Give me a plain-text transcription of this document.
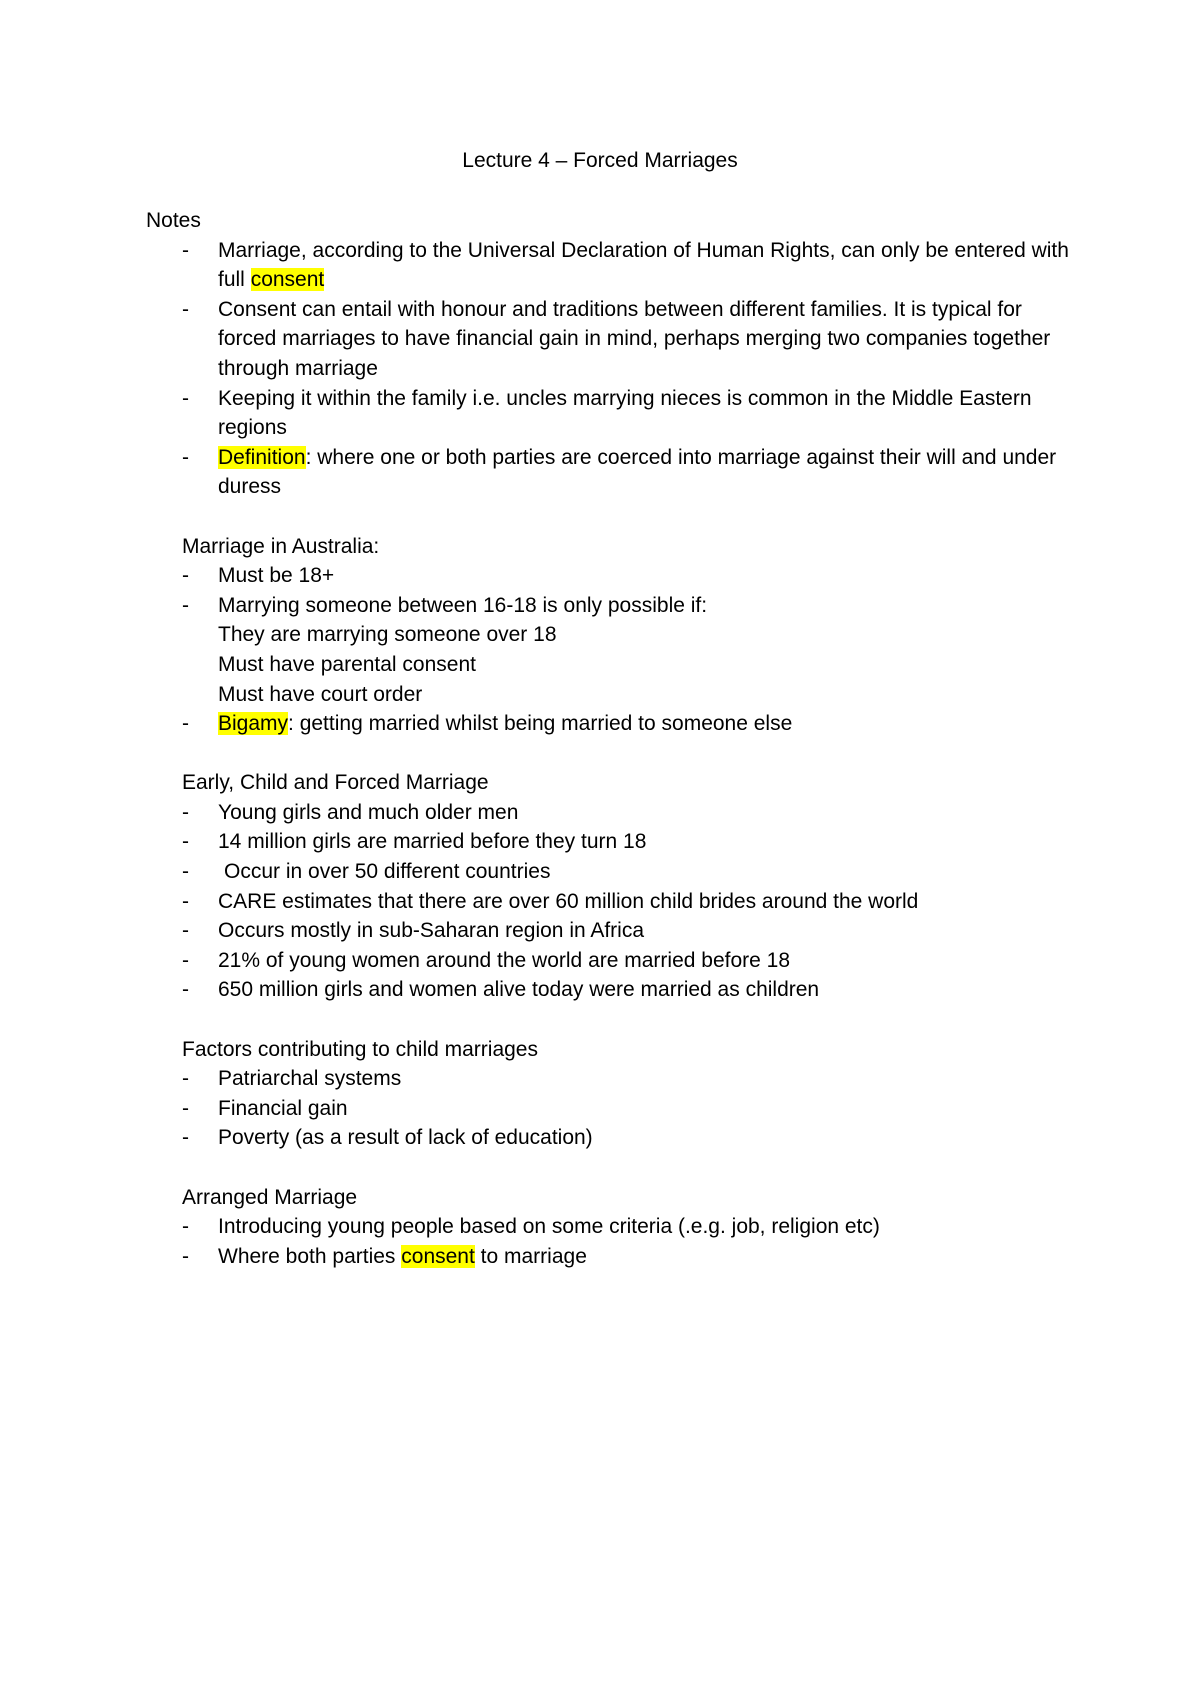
Lecture 4 – Forced Marriages

Notes

- Marriage, according to the Universal Declaration of Human Rights, can only be entered with full consent
- Consent can entail with honour and traditions between different families. It is typical for forced marriages to have financial gain in mind, perhaps merging two companies together through marriage
- Keeping it within the family i.e. uncles marrying nieces is common in the Middle Eastern regions
- Definition: where one or both parties are coerced into marriage against their will and under duress

Marriage in Australia:

- Must be 18+
- Marrying someone between 16-18 is only possible if:
They are marrying someone over 18
Must have parental consent
Must have court order
- Bigamy: getting married whilst being married to someone else

Early, Child and Forced Marriage

- Young girls and much older men
- 14 million girls are married before they turn 18
- Occur in over 50 different countries
- CARE estimates that there are over 60 million child brides around the world
- Occurs mostly in sub-Saharan region in Africa
- 21% of young women around the world are married before 18
- 650 million girls and women alive today were married as children

Factors contributing to child marriages

- Patriarchal systems
- Financial gain
- Poverty (as a result of lack of education)

Arranged Marriage

- Introducing young people based on some criteria (.e.g. job, religion etc)
- Where both parties consent to marriage
